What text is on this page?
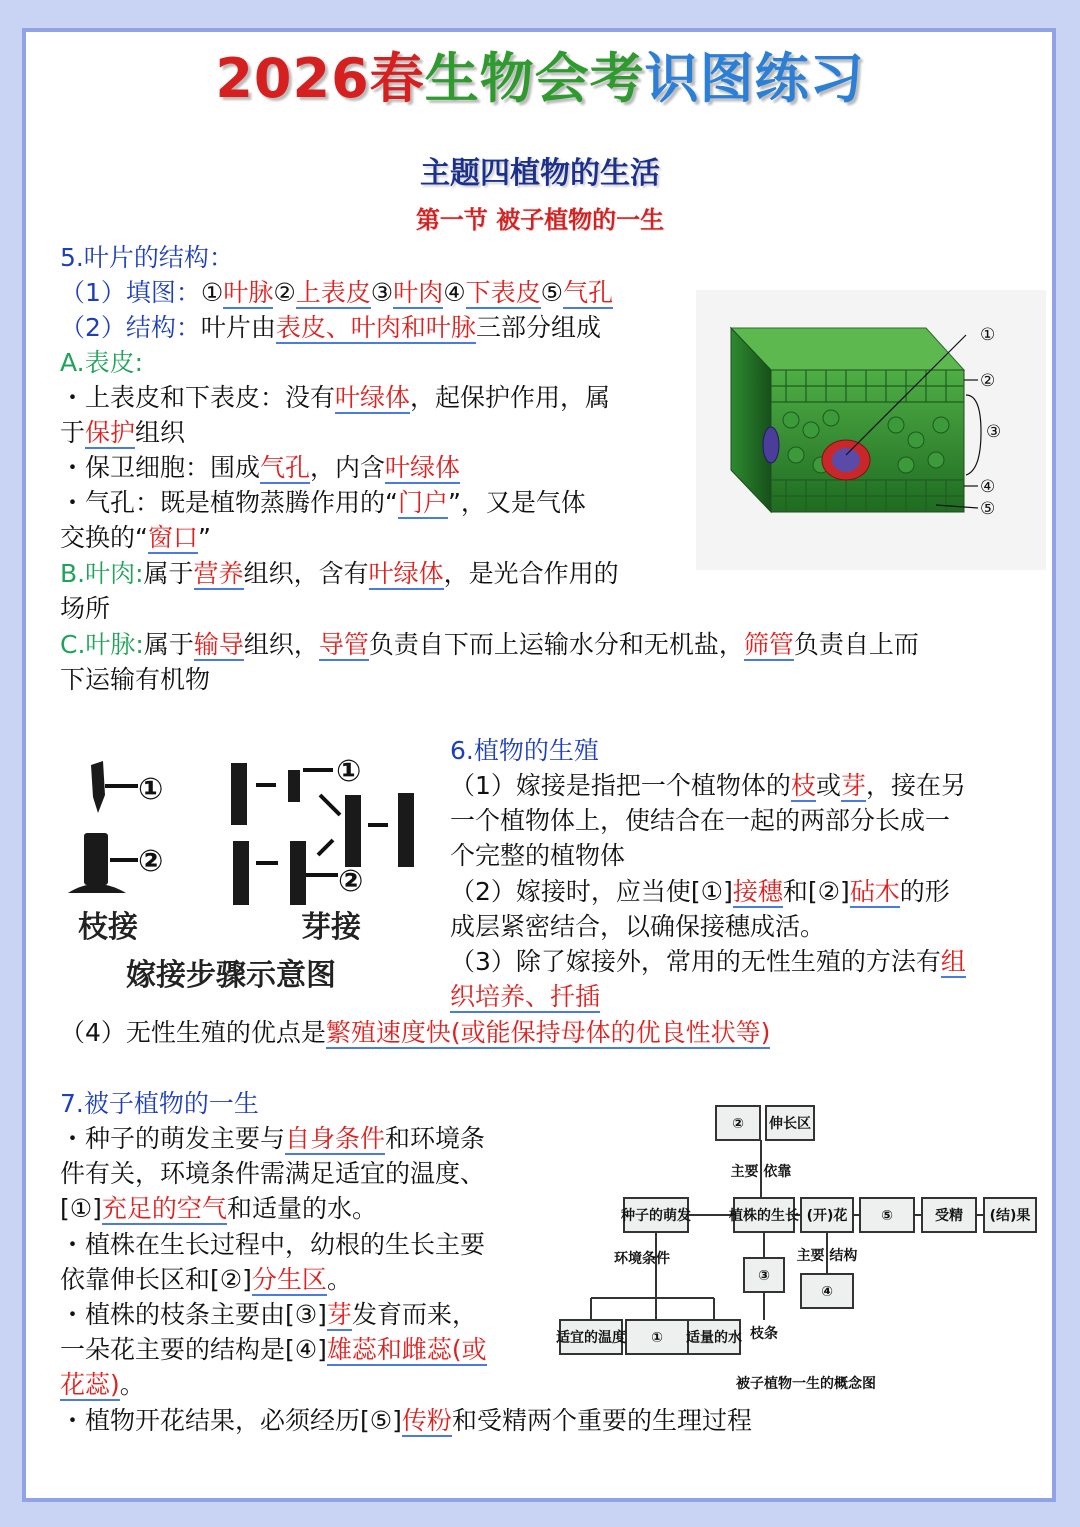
2026春生物会考识图练习
主题四植物的生活
第一节 被子植物的一生
5.叶片的结构：
（1）填图：①叶脉②上表皮③叶肉④下表皮⑤气孔
（2）结构：叶片由表皮、叶肉和叶脉三部分组成
A.表皮:
・上表皮和下表皮：没有叶绿体，起保护作用，属
于保护组织
・保卫细胞：围成气孔，内含叶绿体
・气孔：既是植物蒸腾作用的“门户”，又是气体
交换的“窗口”
B.叶肉:属于营养组织，含有叶绿体，是光合作用的
场所
C.叶脉:属于输导组织，导管负责自下而上运输水分和无机盐，筛管负责自上而
下运输有机物
①
②
③
④
⑤
①
②
①
②
枝接	芽接
嫁接步骤示意图
6.植物的生殖
（1）嫁接是指把一个植物体的枝或芽，接在另
一个植物体上，使结合在一起的两部分长成一
个完整的植物体
（2）嫁接时，应当使[①]接穗和[②]砧木的形
成层紧密结合，以确保接穗成活。
（3）除了嫁接外，常用的无性生殖的方法有组
织培养、扦插
（4）无性生殖的优点是繁殖速度快(或能保持母体的优良性状等)
7.被子植物的一生
・种子的萌发主要与自身条件和环境条
件有关，环境条件需满足适宜的温度、
[①]充足的空气和适量的水。
・植株在生长过程中，幼根的生长主要
依靠伸长区和[②]分生区。
・植株的枝条主要由[③]芽发育而来，
一朵花主要的结构是[④]雄蕊和雌蕊(或
花蕊)。
・植物开花结果，必须经历[⑤]传粉和受精两个重要的生理过程
② 伸长区
主要 依靠
种子的萌发	植株的生长 (开)花 ⑤	受精 (结)果
环境条件
③
主要 结构
④
枝条
适宜的温度 ① 适量的水
被子植物一生的概念图
